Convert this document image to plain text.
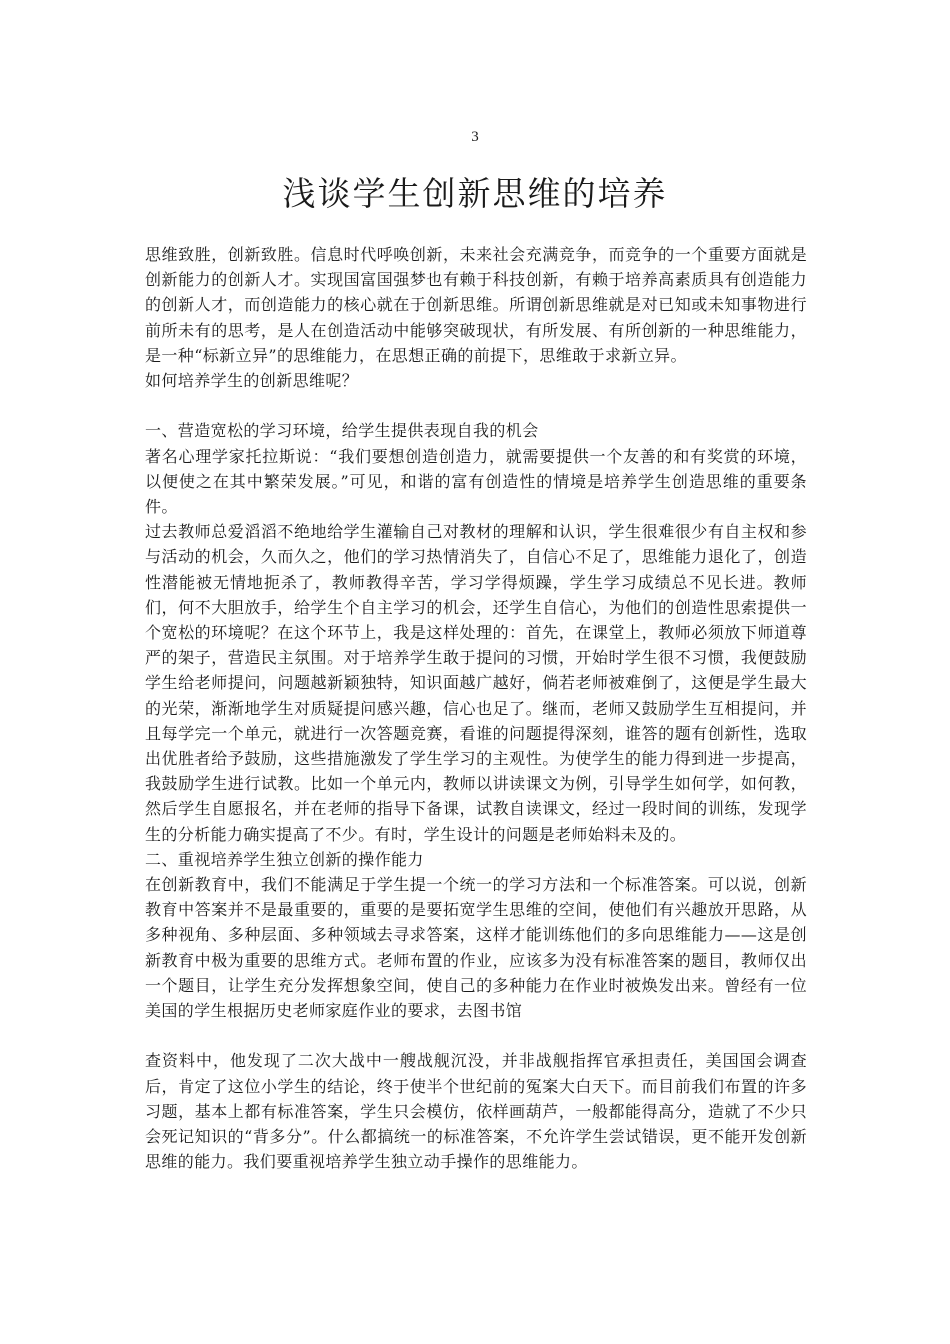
3
浅谈学生创新思维的培养

思维致胜，创新致胜。信息时代呼唤创新，未来社会充满竞争，而竞争的一个重要方面就是创新能力的创新人才。实现国富国强梦也有赖于科技创新，有赖于培养高素质具有创造能力的创新人才，而创造能力的核心就在于创新思维。所谓创新思维就是对已知或未知事物进行前所未有的思考，是人在创造活动中能够突破现状，有所发展、有所创新的一种思维能力，是一种“标新立异”的思维能力，在思想正确的前提下，思维敢于求新立异。

如何培养学生的创新思维呢？

一、营造宽松的学习环境，给学生提供表现自我的机会

著名心理学家托拉斯说：“我们要想创造创造力，就需要提供一个友善的和有奖赏的环境，以便使之在其中繁荣发展。”可见，和谐的富有创造性的情境是培养学生创造思维的重要条件。

过去教师总爱滔滔不绝地给学生灌输自己对教材的理解和认识，学生很难很少有自主权和参与活动的机会，久而久之，他们的学习热情消失了，自信心不足了，思维能力退化了，创造性潜能被无情地扼杀了，教师教得辛苦，学习学得烦躁，学生学习成绩总不见长进。教师们，何不大胆放手，给学生个自主学习的机会，还学生自信心，为他们的创造性思索提供一个宽松的环境呢？在这个环节上，我是这样处理的：首先，在课堂上，教师必须放下师道尊严的架子，营造民主氛围。对于培养学生敢于提问的习惯，开始时学生很不习惯，我便鼓励学生给老师提问，问题越新颖独特，知识面越广越好，倘若老师被难倒了，这便是学生最大的光荣，渐渐地学生对质疑提问感兴趣，信心也足了。继而，老师又鼓励学生互相提问，并且每学完一个单元，就进行一次答题竞赛，看谁的问题提得深刻，谁答的题有创新性，选取出优胜者给予鼓励，这些措施激发了学生学习的主观性。为使学生的能力得到进一步提高，我鼓励学生进行试教。比如一个单元内，教师以讲读课文为例，引导学生如何学，如何教，然后学生自愿报名，并在老师的指导下备课，试教自读课文，经过一段时间的训练，发现学生的分析能力确实提高了不少。有时，学生设计的问题是老师始料未及的。

二、重视培养学生独立创新的操作能力

在创新教育中，我们不能满足于学生提一个统一的学习方法和一个标准答案。可以说，创新教育中答案并不是最重要的，重要的是要拓宽学生思维的空间，使他们有兴趣放开思路，从多种视角、多种层面、多种领域去寻求答案，这样才能训练他们的多向思维能力——这是创新教育中极为重要的思维方式。老师布置的作业，应该多为没有标准答案的题目，教师仅出一个题目，让学生充分发挥想象空间，使自己的多种能力在作业时被焕发出来。曾经有一位美国的学生根据历史老师家庭作业的要求，去图书馆

查资料中，他发现了二次大战中一艘战舰沉没，并非战舰指挥官承担责任，美国国会调查后，肯定了这位小学生的结论，终于使半个世纪前的冤案大白天下。而目前我们布置的许多习题，基本上都有标准答案，学生只会模仿，依样画葫芦，一般都能得高分，造就了不少只会死记知识的“背多分”。什么都搞统一的标准答案，不允许学生尝试错误，更不能开发创新思维的能力。我们要重视培养学生独立动手操作的思维能力。
